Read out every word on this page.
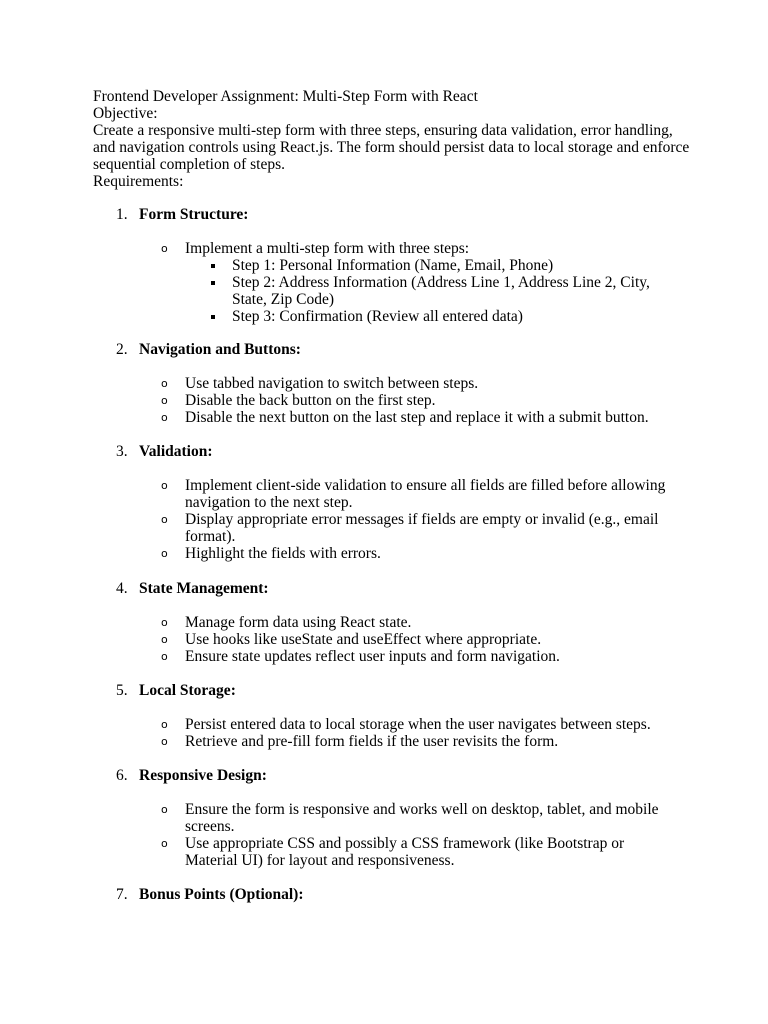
Frontend Developer Assignment: Multi-Step Form with React

Objective:

Create a responsive multi-step form with three steps, ensuring data validation, error handling, and navigation controls using React.js. The form should persist data to local storage and enforce sequential completion of steps.

Requirements:

1. Form Structure:
o Implement a multi-step form with three steps:
Step 1: Personal Information (Name, Email, Phone)
Step 2: Address Information (Address Line 1, Address Line 2, City, State, Zip Code)
Step 3: Confirmation (Review all entered data)
2. Navigation and Buttons:
o Use tabbed navigation to switch between steps.
o Disable the back button on the first step.
o Disable the next button on the last step and replace it with a submit button.
3. Validation:
o Implement client-side validation to ensure all fields are filled before allowing navigation to the next step.
o Display appropriate error messages if fields are empty or invalid (e.g., email format).
o Highlight the fields with errors.
4. State Management:
o Manage form data using React state.
o Use hooks like useState and useEffect where appropriate.
o Ensure state updates reflect user inputs and form navigation.
5. Local Storage:
o Persist entered data to local storage when the user navigates between steps.
o Retrieve and pre-fill form fields if the user revisits the form.
6. Responsive Design:
o Ensure the form is responsive and works well on desktop, tablet, and mobile screens.
o Use appropriate CSS and possibly a CSS framework (like Bootstrap or Material UI) for layout and responsiveness.
7. Bonus Points (Optional):
